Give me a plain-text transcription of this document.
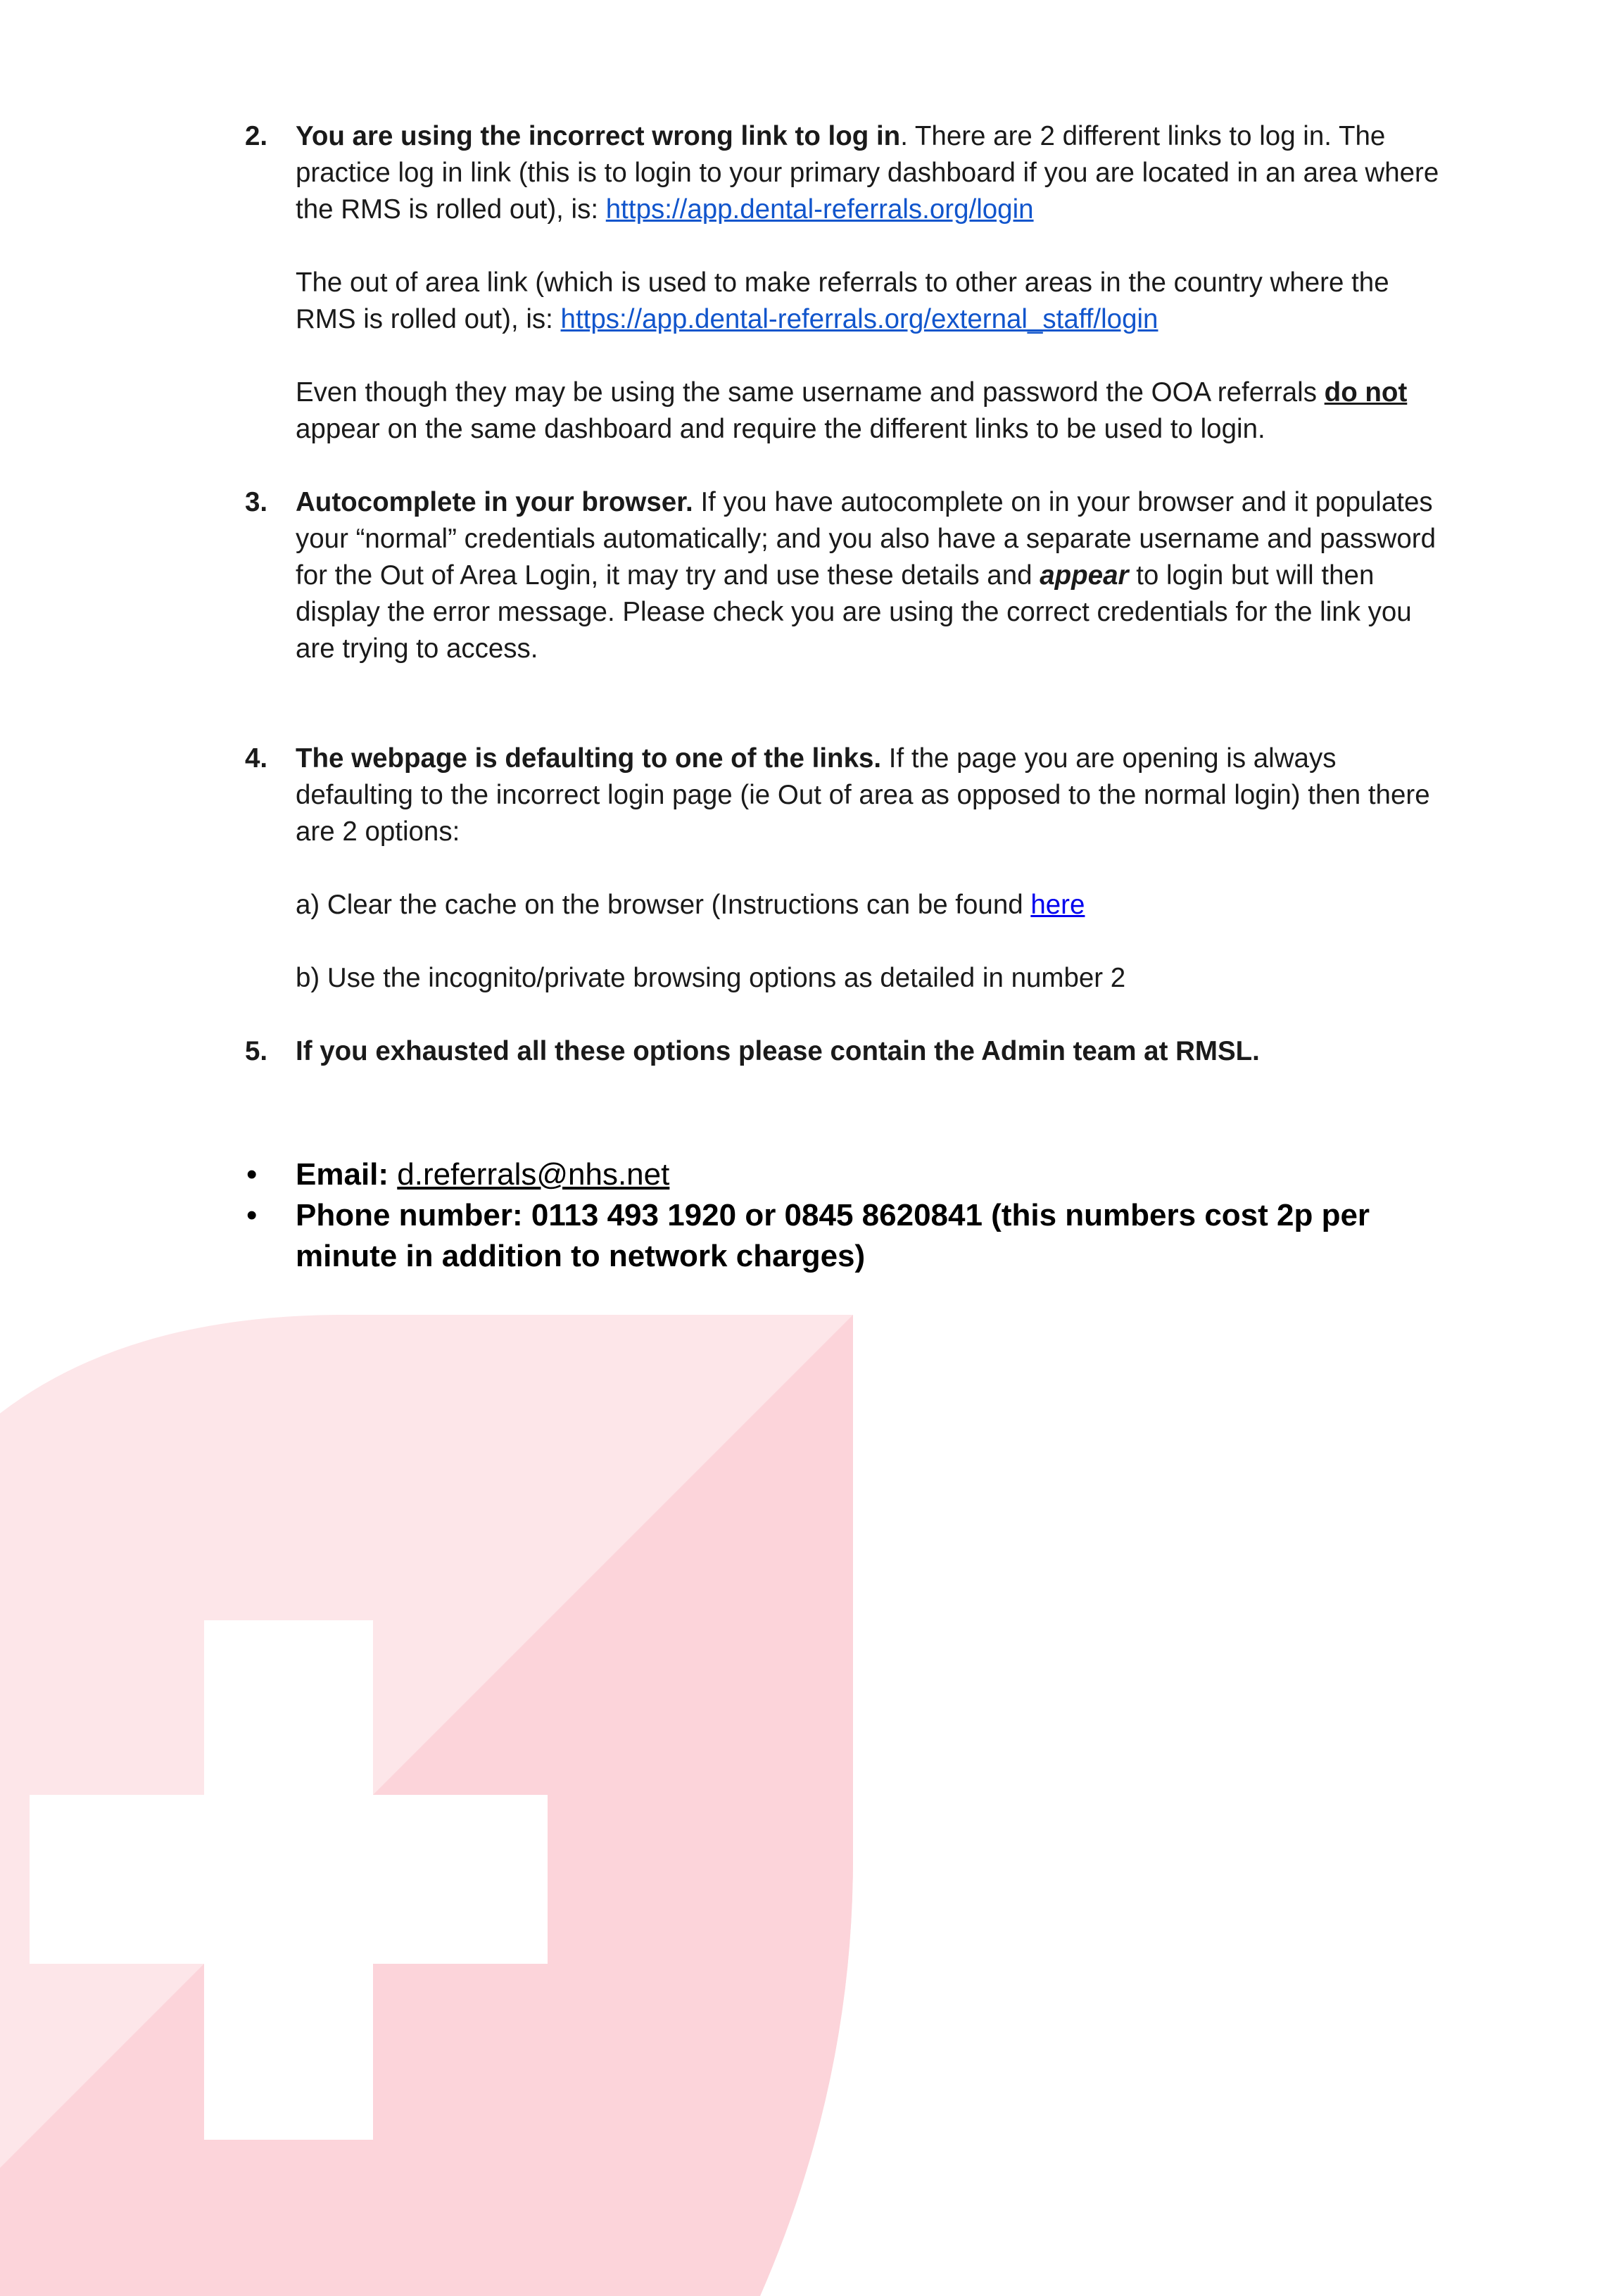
2. You are using the incorrect wrong link to log in. There are 2 different links to log in. The practice log in link (this is to login to your primary dashboard if you are located in an area where the RMS is rolled out), is: https://app.dental-referrals.org/login

The out of area link (which is used to make referrals to other areas in the country where the RMS is rolled out), is: https://app.dental-referrals.org/external_staff/login

Even though they may be using the same username and password the OOA referrals do not appear on the same dashboard and require the different links to be used to login.

3. Autocomplete in your browser. If you have autocomplete on in your browser and it populates your “normal” credentials automatically; and you also have a separate username and password for the Out of Area Login, it may try and use these details and appear to login but will then display the error message. Please check you are using the correct credentials for the link you are trying to access.

4. The webpage is defaulting to one of the links. If the page you are opening is always defaulting to the incorrect login page (ie Out of area as opposed to the normal login) then there are 2 options:

a) Clear the cache on the browser (Instructions can be found here

b) Use the incognito/private browsing options as detailed in number 2

5. If you exhausted all these options please contain the Admin team at RMSL.

• Email: d.referrals@nhs.net
• Phone number: 0113 493 1920 or 0845 8620841 (this numbers cost 2p per minute in addition to network charges)
